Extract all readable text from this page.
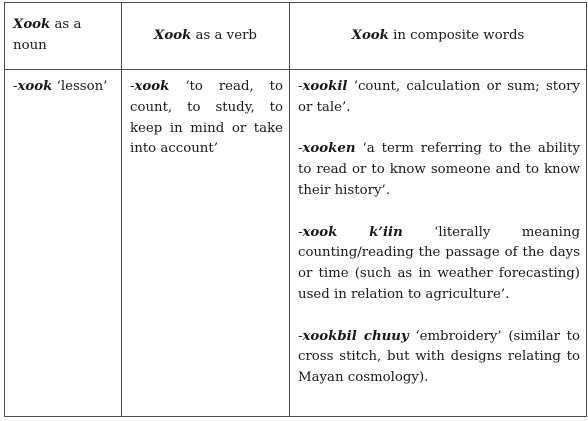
Xook as a noun	Xook as a verb	Xook in composite words

-xook ‘lesson’	-xook ‘to read, to count, to study, to keep in mind or take into account’	-xookil ‘count, calculation or sum; story or tale’.

-xooken ‘a term referring to the ability to read or to know someone and to know their history’.

-xook k’iin ‘literally meaning counting/reading the passage of the days or time (such as in weather forecasting) used in relation to agriculture’.

-xookbil chuuy ‘embroidery’ (similar to cross stitch, but with designs relating to Mayan cosmology).
